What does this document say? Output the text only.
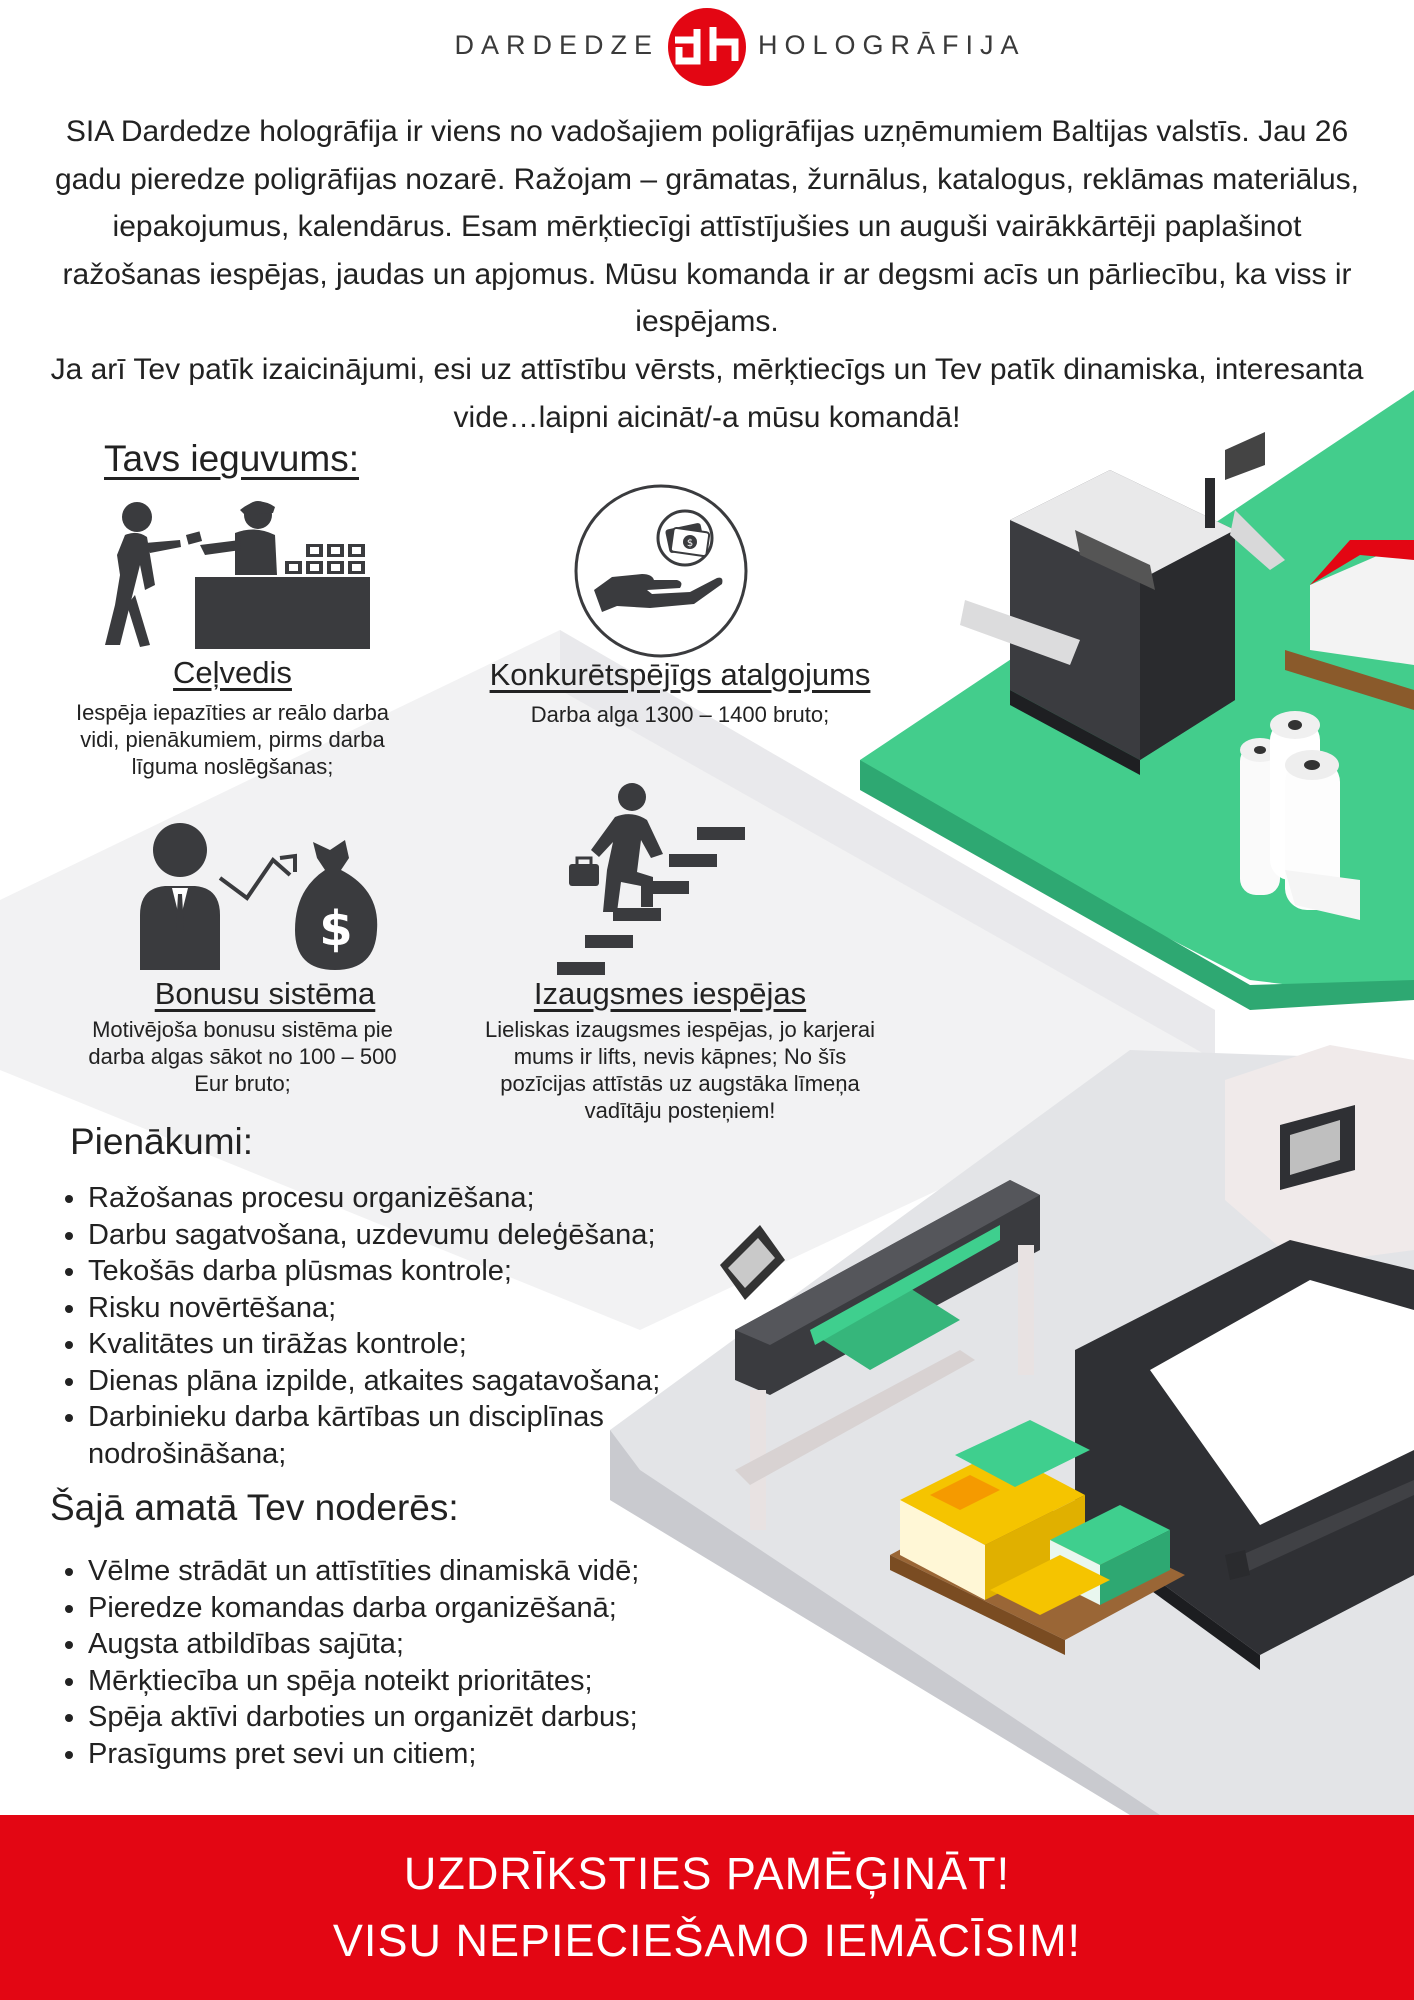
DARDEDZE	HOLOGRĀFIJA

SIA Dardedze hologrāfija ir viens no vadošajiem poligrāfijas uzņēmumiem Baltijas valstīs. Jau 26 gadu pieredze poligrāfijas nozarē. Ražojam – grāmatas, žurnālus, katalogus, reklāmas materiālus, iepakojumus, kalendārus. Esam mērķtiecīgi attīstījušies un auguši vairākkārtēji paplašinot ražošanas iespējas, jaudas un apjomus. Mūsu komanda ir ar degsmi acīs un pārliecību, ka viss ir iespējams.

Ja arī Tev patīk izaicinājumi, esi uz attīstību vērsts, mērķtiecīgs un Tev patīk dinamiska, interesanta vide…laipni aicināt/-a mūsu komandā!

Tavs ieguvums:
Ceļvedis
Iespēja iepazīties ar reālo darba vidi, pienākumiem, pirms darba līguma noslēgšanas;
$
Konkurētspējīgs atalgojums
Darba alga 1300 – 1400 bruto;
$
Bonusu sistēma
Motivējoša bonusu sistēma pie darba algas sākot no 100 – 500 Eur bruto;
Izaugsmes iespējas
Lieliskas izaugsmes iespējas, jo karjerai mums ir lifts, nevis kāpnes; No šīs pozīcijas attīstās uz augstāka līmeņa vadītāju posteņiem!
Pienākumi:
• Ražošanas procesu organizēšana;
• Darbu sagatvošana, uzdevumu deleģēšana;
• Tekošās darba plūsmas kontrole;
• Risku novērtēšana;
• Kvalitātes un tirāžas kontrole;
• Dienas plāna izpilde, atkaites sagatavošana;
• Darbinieku darba kārtības un disciplīnas nodrošināšana;
Šajā amatā Tev noderēs:
• Vēlme strādāt un attīstīties dinamiskā vidē;
• Pieredze komandas darba organizēšanā;
• Augsta atbildības sajūta;
• Mērķtiecība un spēja noteikt prioritātes;
• Spēja aktīvi darboties un organizēt darbus;
• Prasīgums pret sevi un citiem;
UZDRĪKSTIES PAMĒĢINĀT!
VISU NEPIECIEŠAMO IEMĀCĪSIM!
